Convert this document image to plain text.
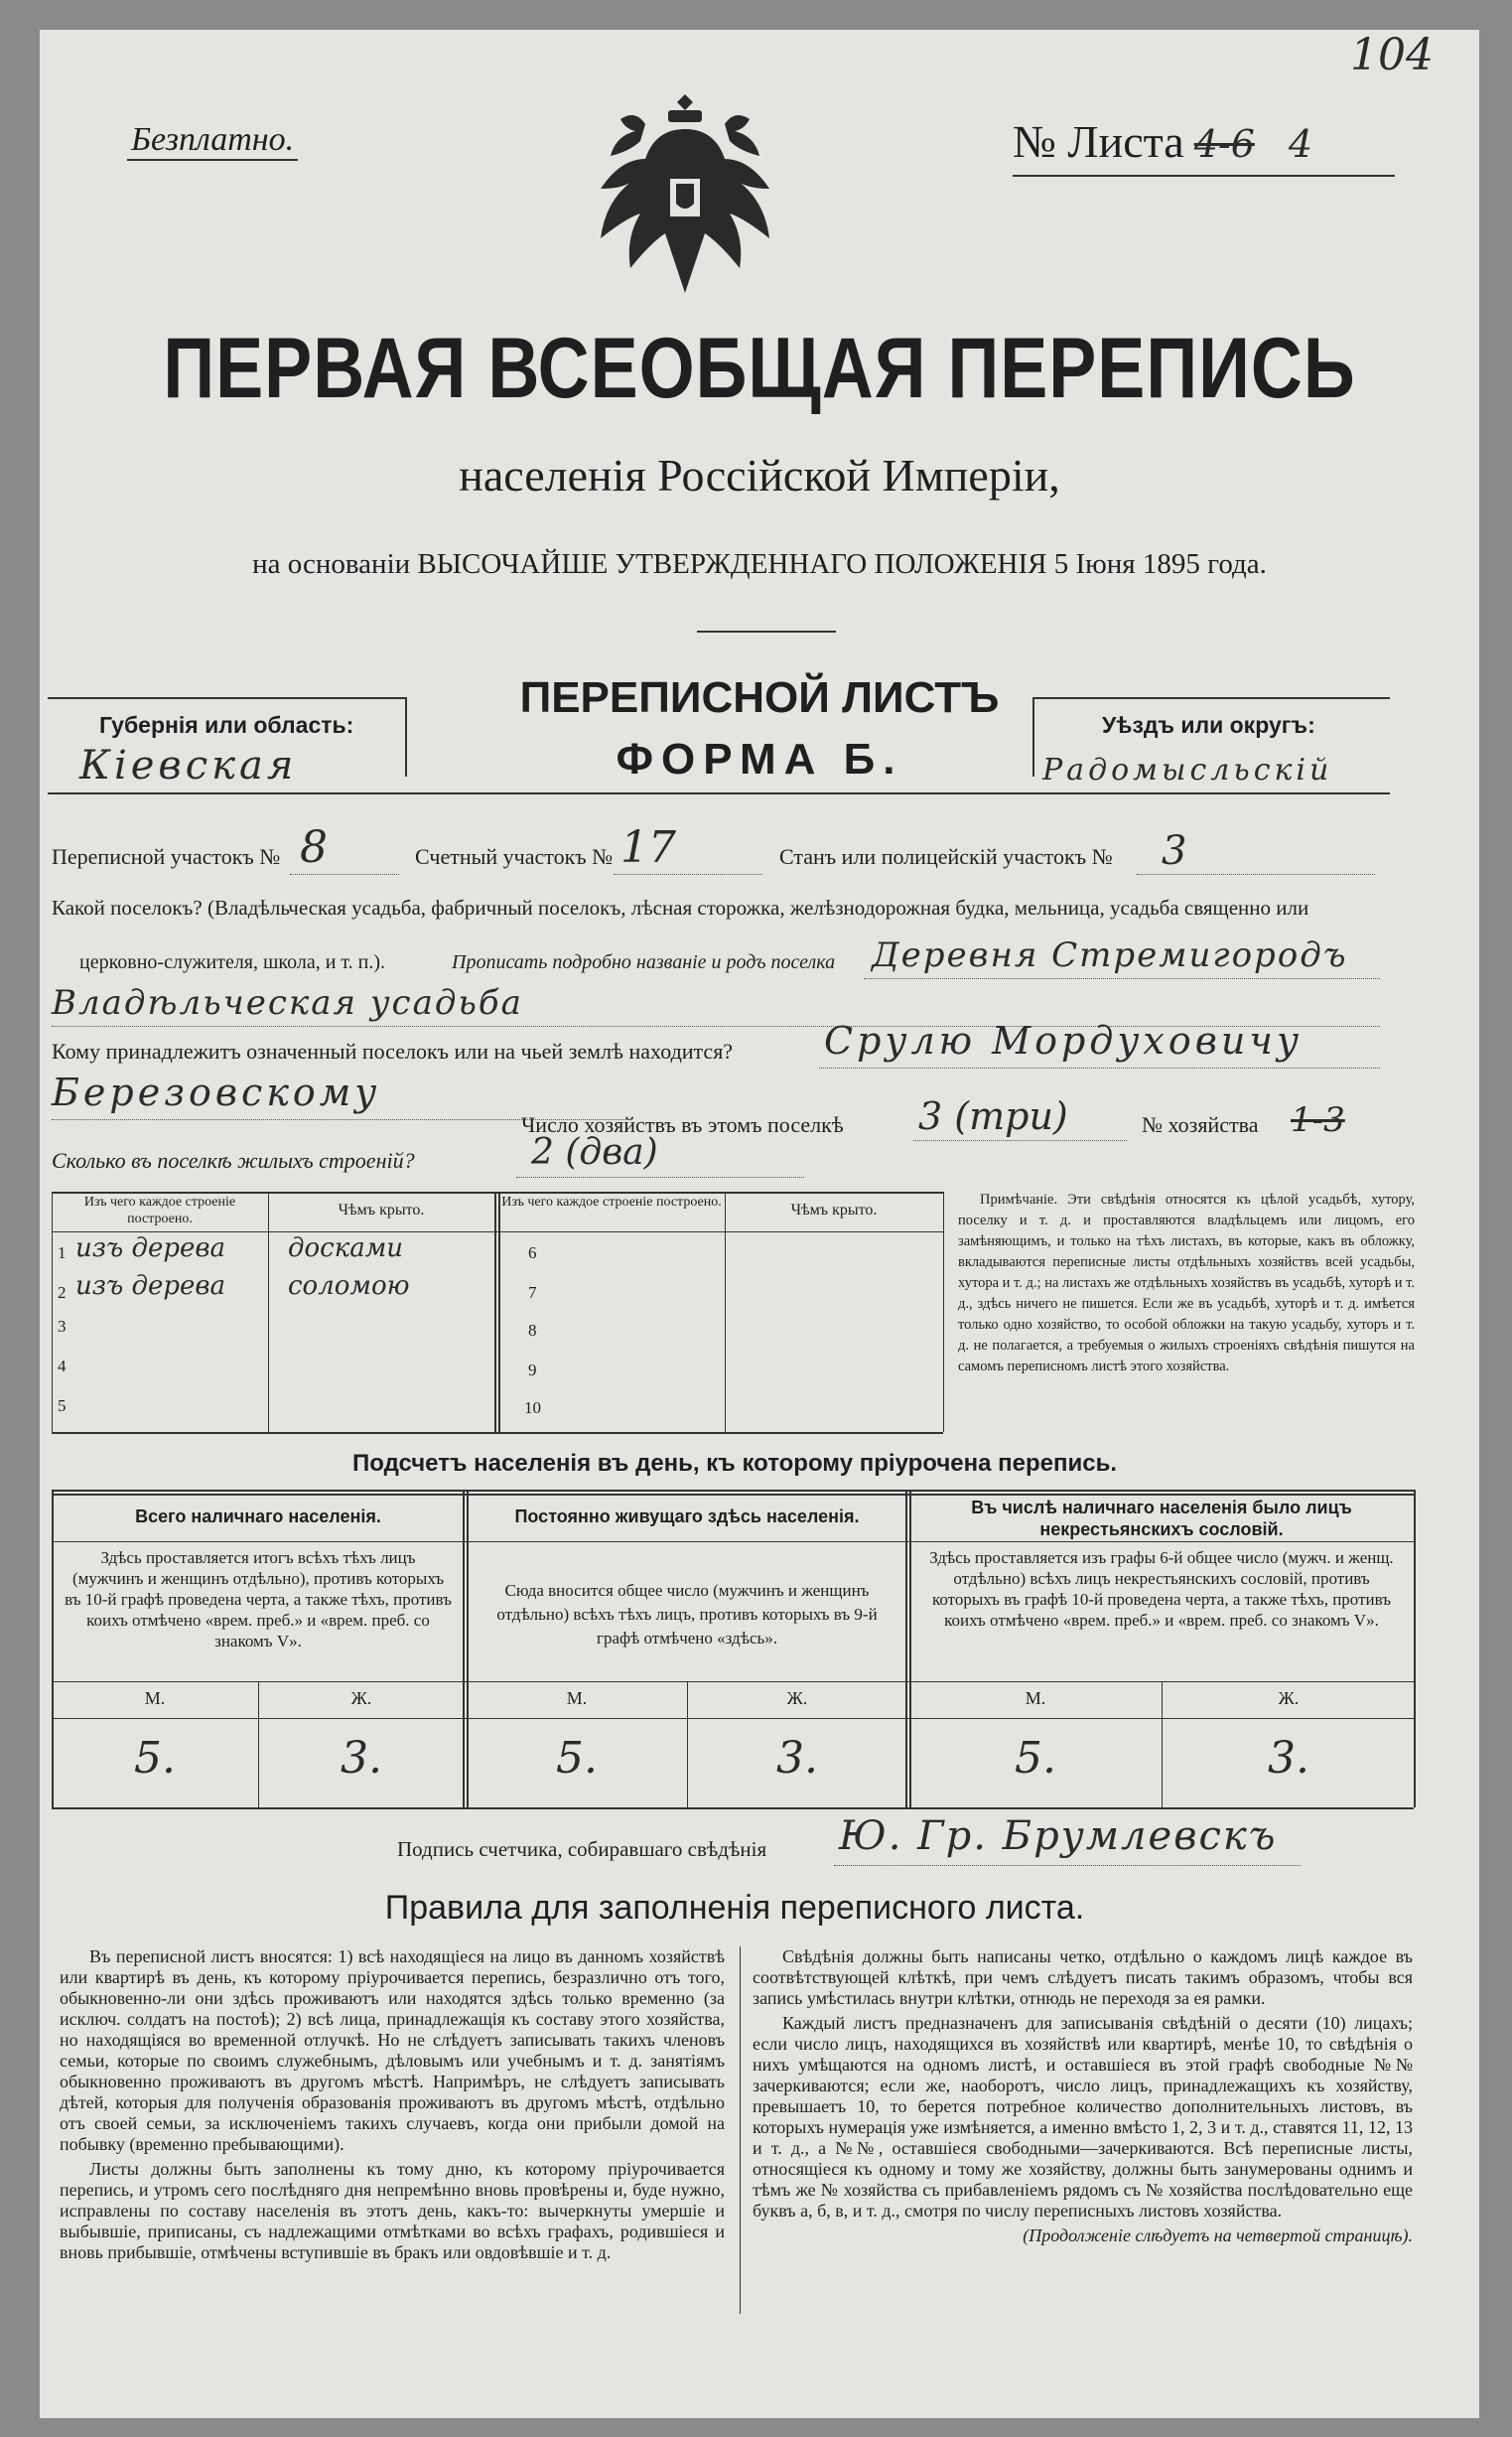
104
Безплатно.	№ Листа 4-6 4
ПЕРВАЯ ВСЕОБЩАЯ ПЕРЕПИСЬ
населенія Россійской Имперіи,
на основаніи ВЫСОЧАЙШЕ УТВЕРЖДЕННАГО ПОЛОЖЕНІЯ 5 Іюня 1895 года.
Губернія или область:
Кіевская
ПЕРЕПИСНОЙ ЛИСТЪ
ФОРМА Б.
Уѣздъ или округъ:
Радомысльскій
Переписной участокъ № 8	Счетный участокъ № 17	Станъ или полицейскій участокъ № 3
Какой поселокъ? (Владѣльческая усадьба, фабричный поселокъ, лѣсная сторожка, желѣзнодорожная будка, мельница, усадьба священно или
церковно-служителя, школа, и т. п.).	Прописать подробно названіе и родъ поселка Деревня Стремигородъ
Владѣльческая усадьба
Кому принадлежитъ означенный поселокъ или на чьей землѣ находится? Срулю Мордуховичу
Березовскому
Число хозяйствъ въ этомъ поселкѣ 3 (три)	№ хозяйства 1-3
Сколько въ поселкѣ жилыхъ строеній?	2 (два)
Изъ чего каждое строеніе построено.
Чѣмъ крыто.	Изъ чего каждое строеніе построено.	Чѣмъ крыто.
1 изъ дерева досками
2 изъ дерева соломою
3
4
5
6
7
8
9
10
Примѣчаніе. Эти свѣдѣнія относятся къ цѣлой усадьбѣ, хутору, поселку и т. д. и проставляются владѣльцемъ или лицомъ, его замѣняющимъ, и только на тѣхъ листахъ, въ которые, какъ въ обложку, вкладываются переписные листы отдѣльныхъ хозяйствъ всей усадьбы, хутора и т. д.; на листахъ же отдѣльныхъ хозяйствъ въ усадьбѣ, хуторѣ и т. д., здѣсь ничего не пишется. Если же въ усадьбѣ, хуторѣ и т. д. имѣется только одно хозяйство, то особой обложки на такую усадьбу, хуторъ и т. д. не полагается, а требуемыя о жилыхъ строеніяхъ свѣдѣнія пишутся на самомъ переписномъ листѣ этого хозяйства.
Подсчетъ населенія въ день, къ которому пріурочена перепись.
Всего наличнаго населенія.	Постоянно живущаго здѣсь населенія.	Въ числѣ наличнаго населенія было лицъ некрестьянскихъ сословій.
Здѣсь проставляется итогъ всѣхъ тѣхъ лицъ (мужчинъ и женщинъ отдѣльно), противъ которыхъ въ 10-й графѣ проведена черта, а также тѣхъ, противъ коихъ отмѣчено «врем. преб.» и «врем. преб. со знакомъ V».
Сюда вносится общее число (мужчинъ и женщинъ отдѣльно) всѣхъ тѣхъ лицъ, противъ которыхъ въ 9-й графѣ отмѣчено «здѣсь».
Здѣсь проставляется изъ графы 6-й общее число (мужч. и женщ. отдѣльно) всѣхъ лицъ некрестьянскихъ сословій, противъ которыхъ въ графѣ 10-й проведена черта, а также тѣхъ, противъ коихъ отмѣчено «врем. преб.» и «врем. преб. со знакомъ V».
М.	Ж.	М.	Ж.	М.	Ж.
5.	3.	5.	3.	5.	3.
Подпись счетчика, собиравшаго свѣдѣнія Ю. Гр. Брумлевскъ
Правила для заполненія переписного листа.

Въ переписной листъ вносятся: 1) всѣ находящіеся на лицо въ данномъ хозяйствѣ или квартирѣ въ день, къ которому пріурочивается перепись, безразлично отъ того, обыкновенно-ли они здѣсь проживаютъ или находятся здѣсь только временно (за исключ. солдатъ на постоѣ); 2) всѣ лица, принадлежащія къ составу этого хозяйства, но находящіяся во временной отлучкѣ. Но не слѣдуетъ записывать такихъ членовъ семьи, которые по своимъ служебнымъ, дѣловымъ или учебнымъ и т. д. занятіямъ обыкновенно проживаютъ въ другомъ мѣстѣ. Напримѣръ, не слѣдуетъ записывать дѣтей, которыя для полученія образованія проживаютъ въ другомъ мѣстѣ, отдѣльно отъ своей семьи, за исключеніемъ такихъ случаевъ, когда они прибыли домой на побывку (временно пребывающими).

Листы должны быть заполнены къ тому дню, къ которому пріурочивается перепись, и утромъ сего послѣдняго дня непремѣнно вновь провѣрены и, буде нужно, исправлены по составу населенія въ этотъ день, какъ-то: вычеркнуты умершіе и выбывшіе, приписаны, съ надлежащими отмѣтками во всѣхъ графахъ, родившіеся и вновь прибывшіе, отмѣчены вступившіе въ бракъ или овдовѣвшіе и т. д.

Свѣдѣнія должны быть написаны четко, отдѣльно о каждомъ лицѣ каждое въ соотвѣтствующей клѣткѣ, при чемъ слѣдуетъ писать такимъ образомъ, чтобы вся запись умѣстилась внутри клѣтки, отнюдь не переходя за ея рамки.

Каждый листъ предназначенъ для записыванія свѣдѣній о десяти (10) лицахъ; если число лицъ, находящихся въ хозяйствѣ или квартирѣ, менѣе 10, то свѣдѣнія о нихъ умѣщаются на одномъ листѣ, и оставшіеся въ этой графѣ свободные №№ зачеркиваются; если же, наоборотъ, число лицъ, принадлежащихъ къ хозяйству, превышаетъ 10, то берется потребное количество дополнительныхъ листовъ, въ которыхъ нумерація уже измѣняется, а именно вмѣсто 1, 2, 3 и т. д., ставятся 11, 12, 13 и т. д., а №№, оставшіеся свободными—зачеркиваются. Всѣ переписные листы, относящіеся къ одному и тому же хозяйству, должны быть занумерованы однимъ и тѣмъ же № хозяйства съ прибавленіемъ рядомъ съ № хозяйства послѣдовательно еще буквъ а, б, в, и т. д., смотря по числу переписныхъ листовъ хозяйства.

(Продолженіе слѣдуетъ на четвертой страницѣ).
